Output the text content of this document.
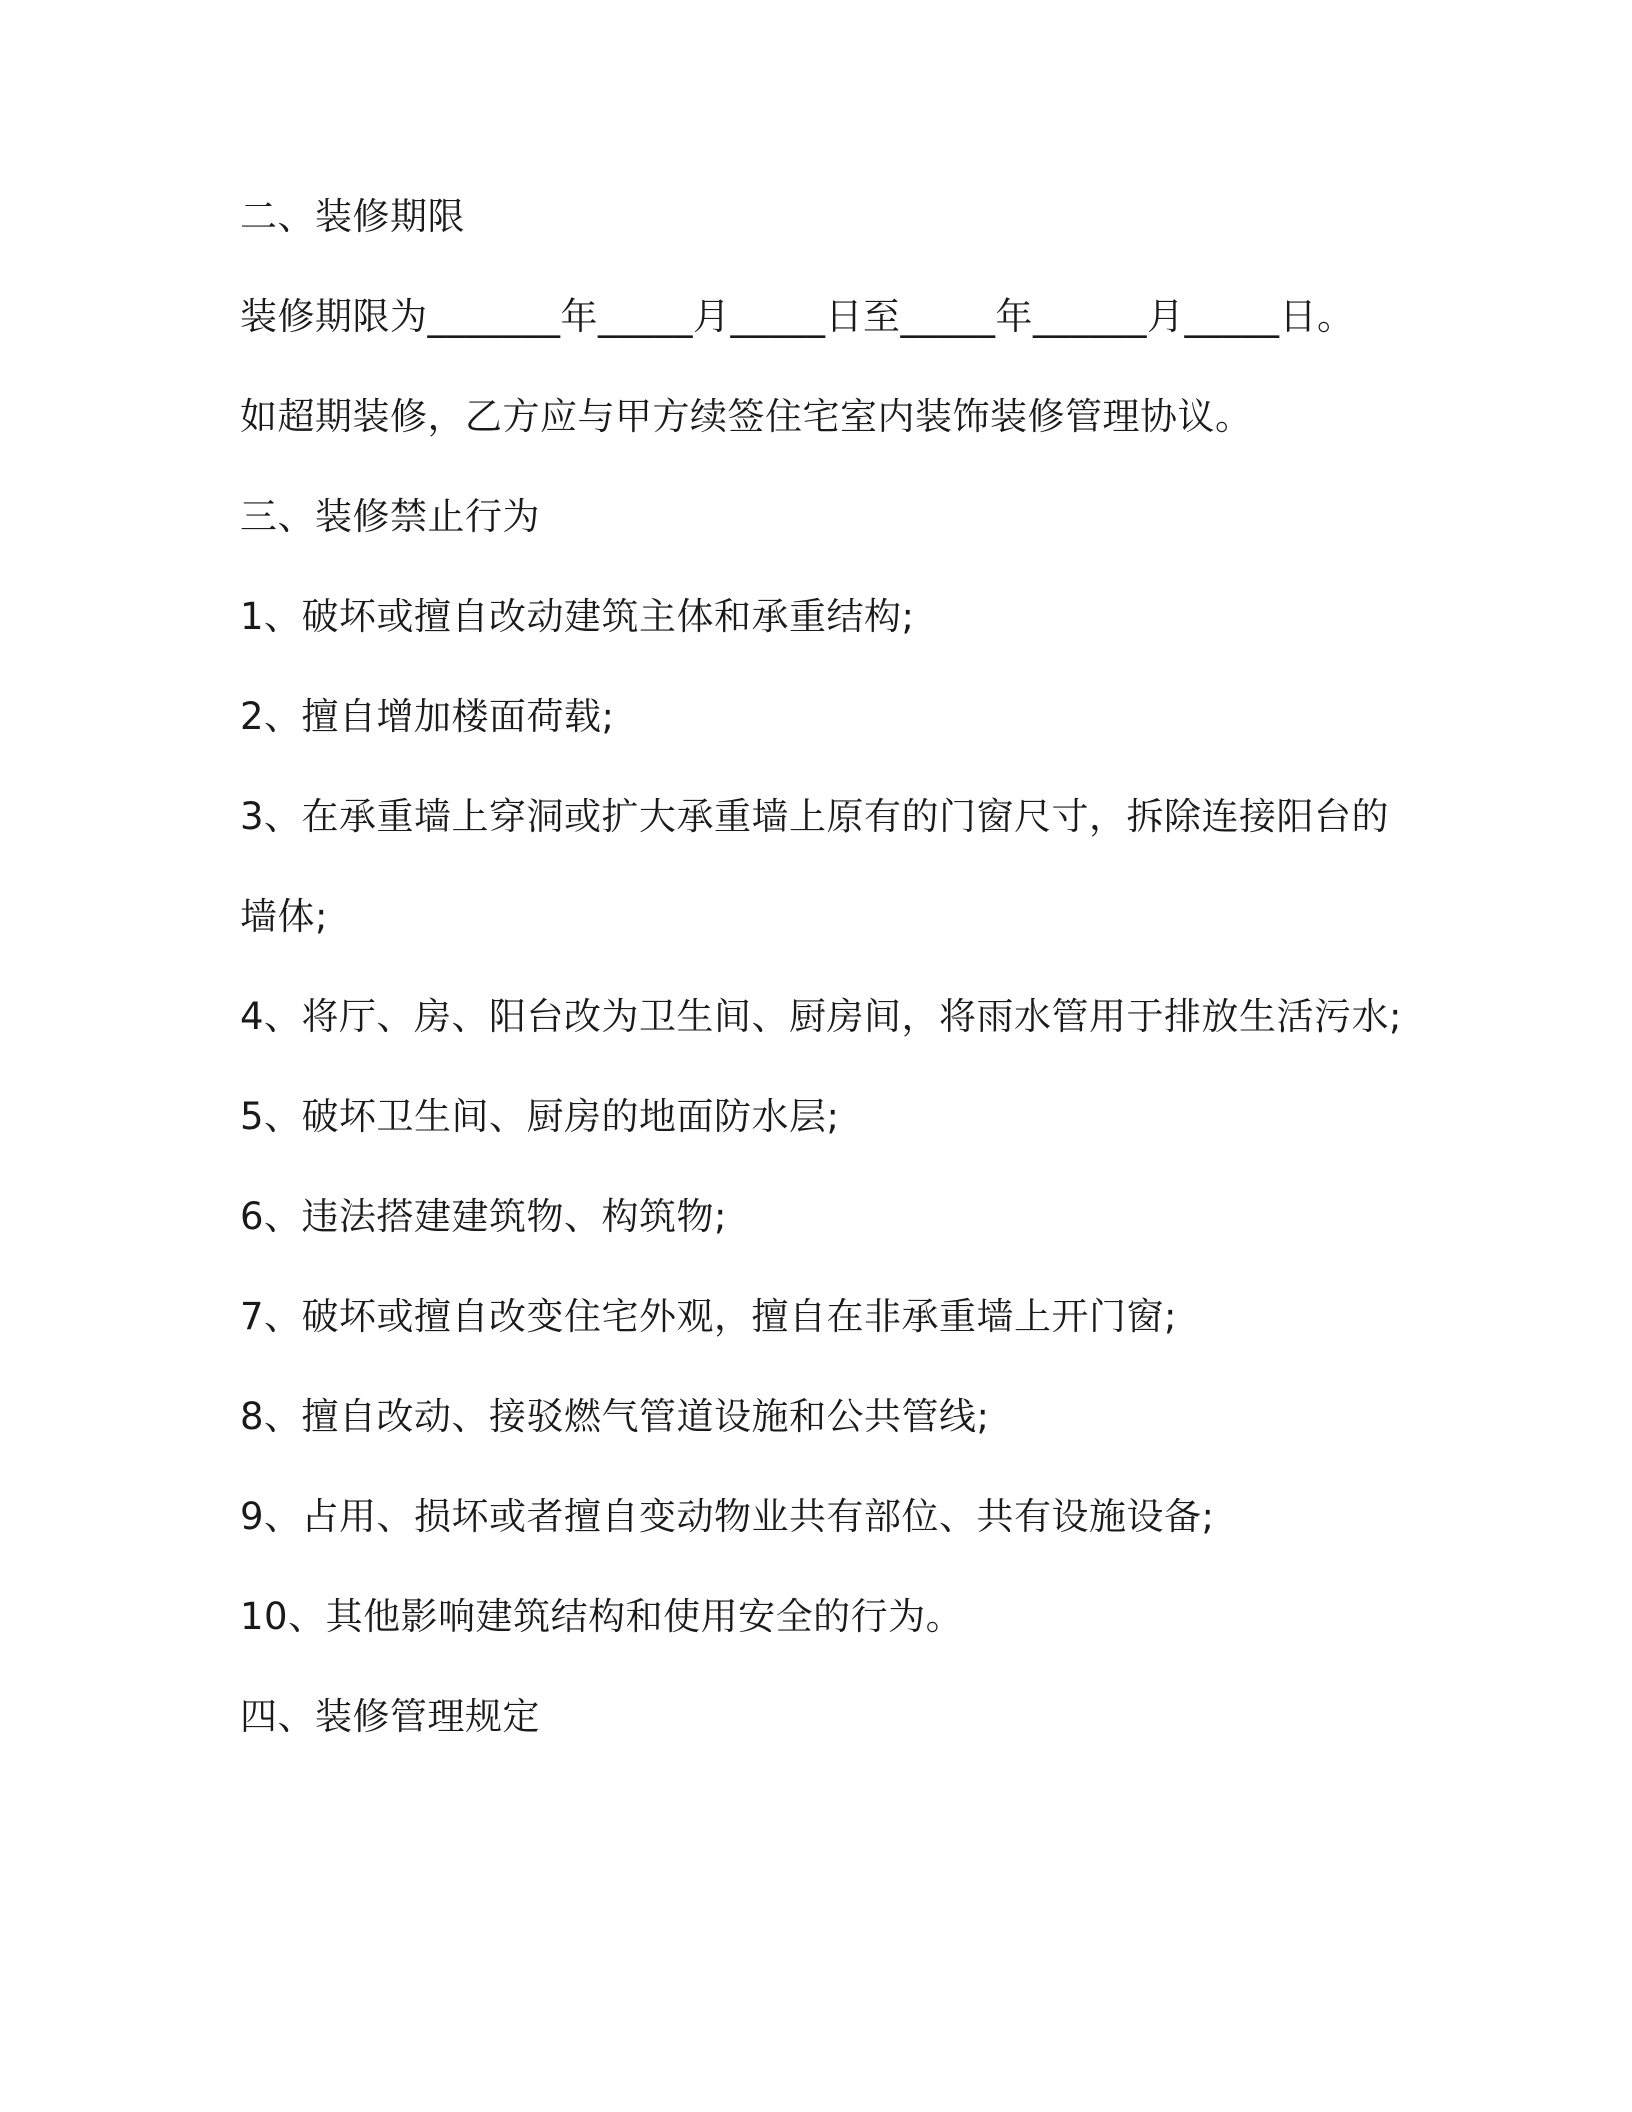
二、装修期限
装修期限为_______年_____月_____日至_____年______月_____日。
如超期装修，乙方应与甲方续签住宅室内装饰装修管理协议。
三、装修禁止行为
1、破坏或擅自改动建筑主体和承重结构;
2、擅自增加楼面荷载;
3、在承重墙上穿洞或扩大承重墙上原有的门窗尺寸，拆除连接阳台的
墙体;
4、将厅、房、阳台改为卫生间、厨房间，将雨水管用于排放生活污水;
5、破坏卫生间、厨房的地面防水层;
6、违法搭建建筑物、构筑物;
7、破坏或擅自改变住宅外观，擅自在非承重墙上开门窗;
8、擅自改动、接驳燃气管道设施和公共管线;
9、占用、损坏或者擅自变动物业共有部位、共有设施设备;
10、其他影响建筑结构和使用安全的行为。
四、装修管理规定
